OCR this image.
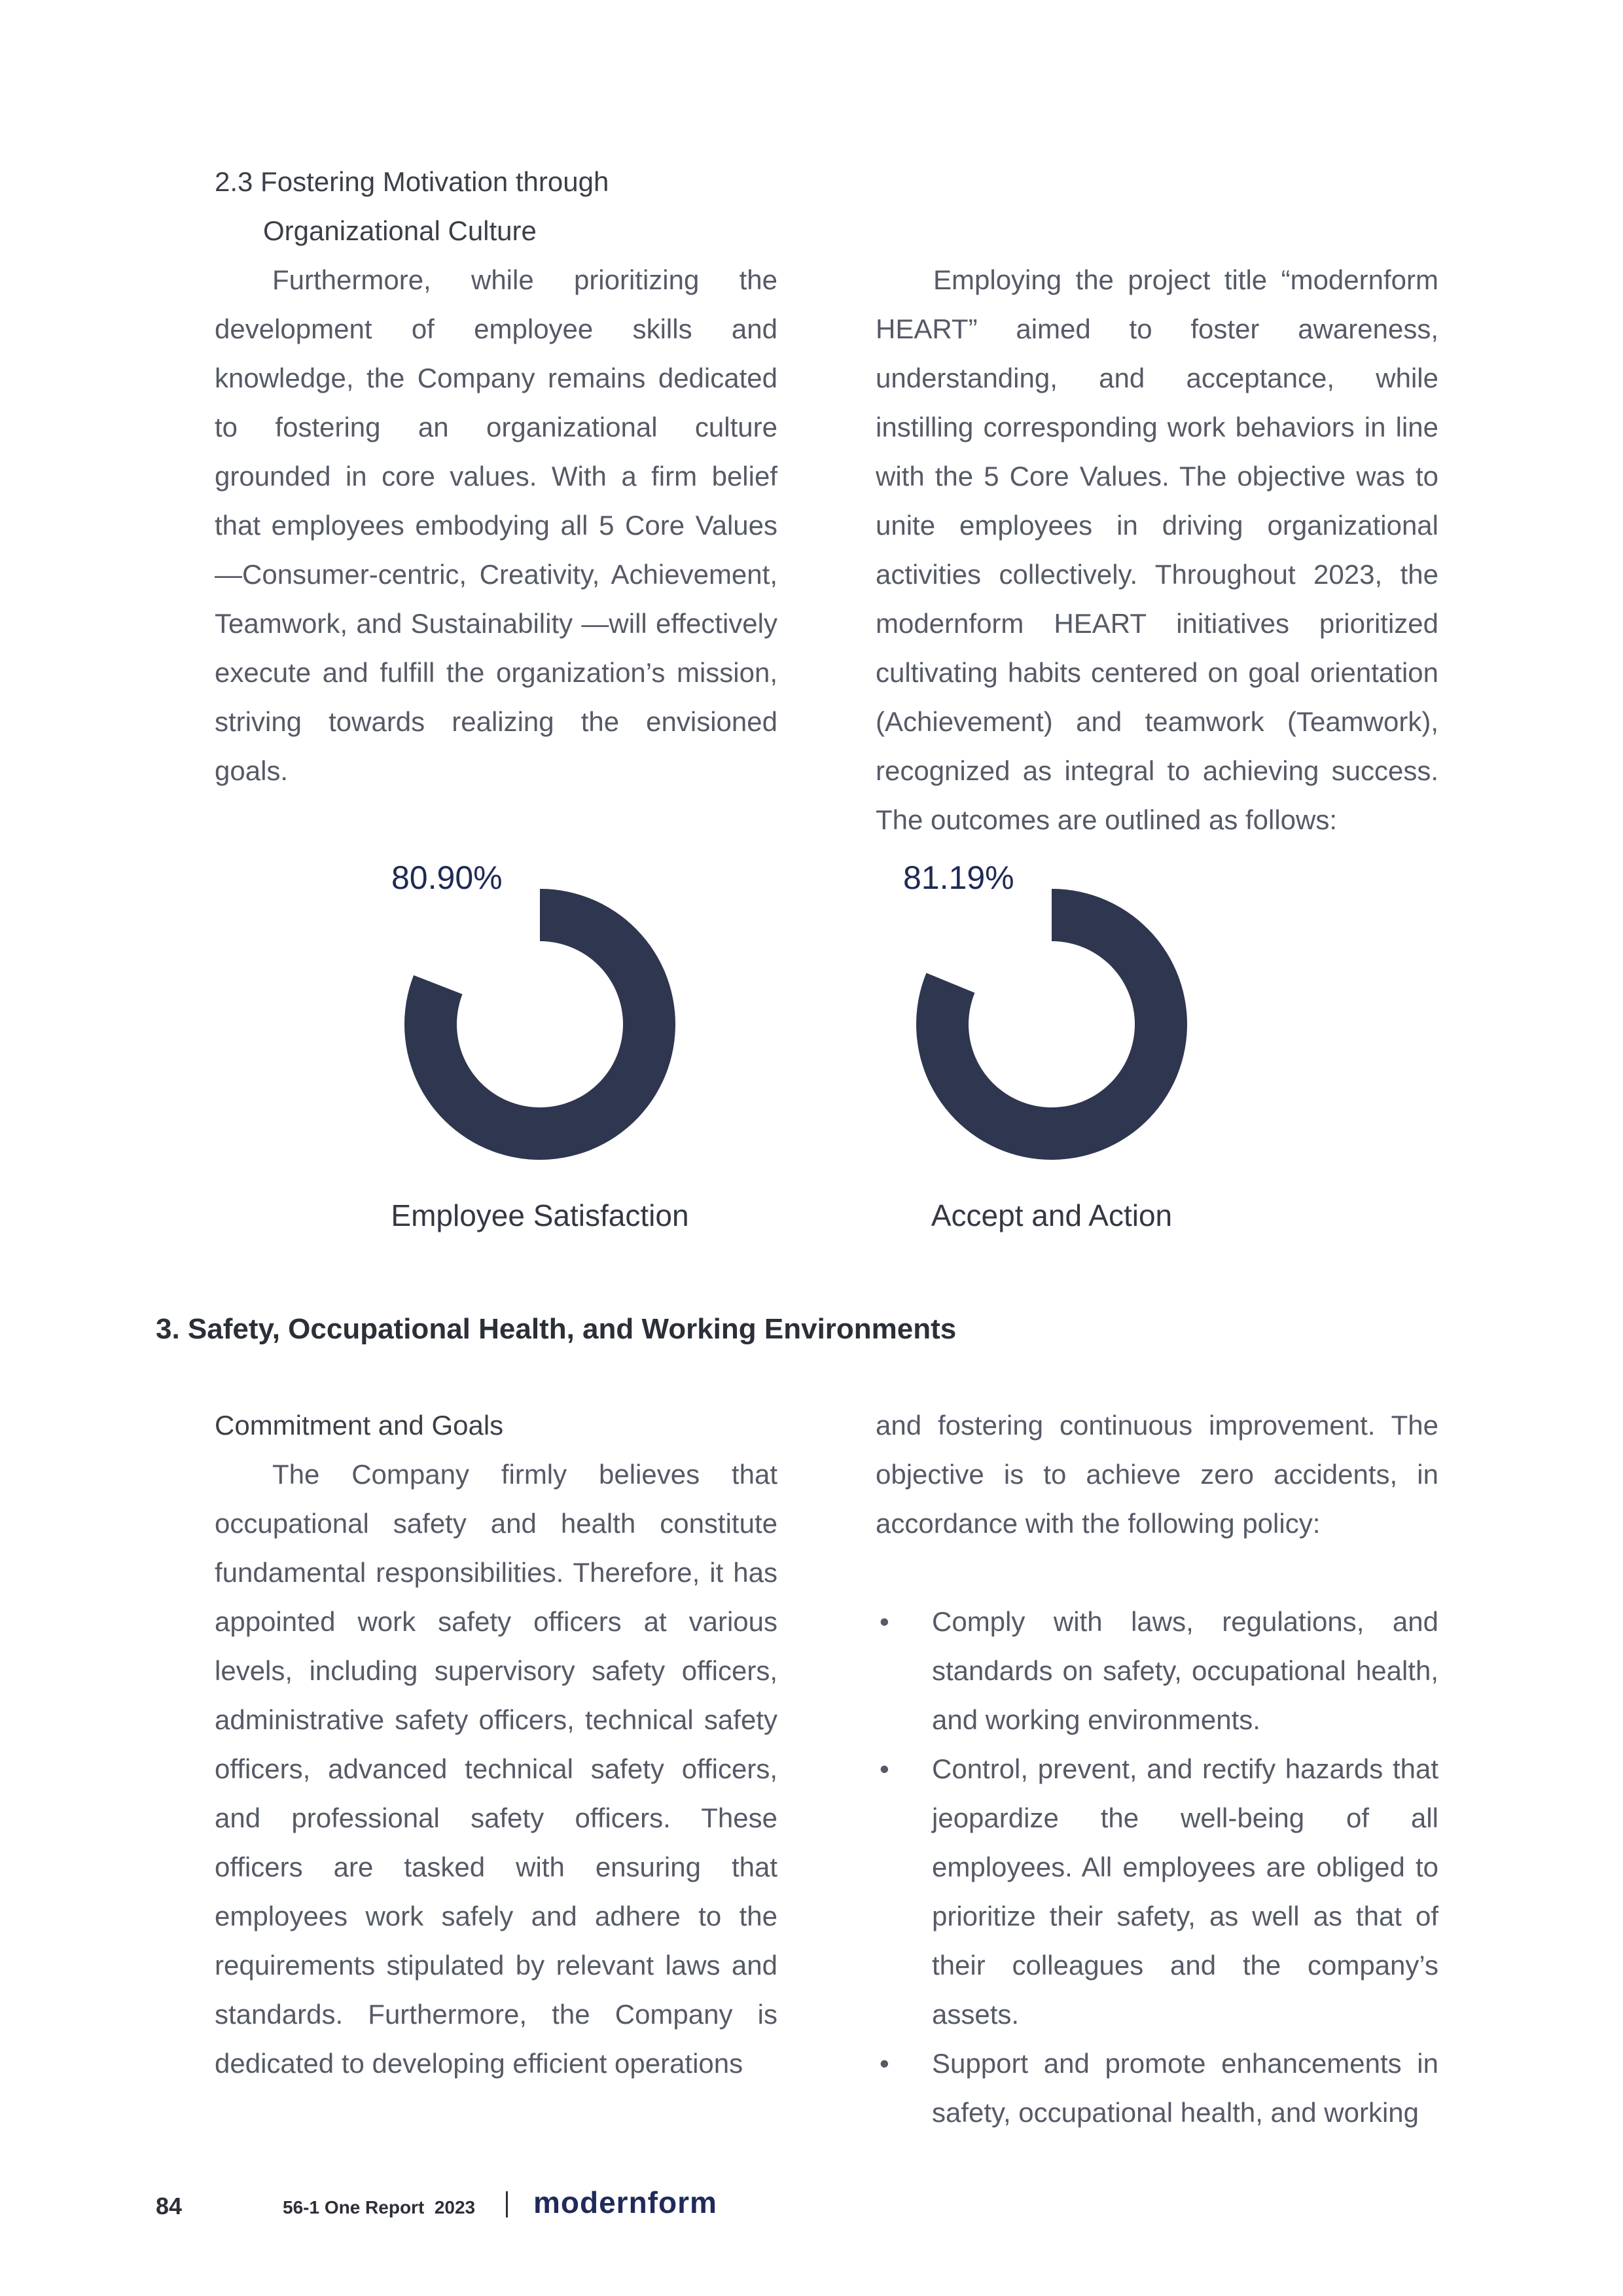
2.3 Fostering Motivation through
Organizational Culture

Furthermore, while prioritizing the development of employee skills and knowledge, the Company remains dedicated to fostering an organizational culture grounded in core values. With a firm belief that employees embodying all 5 Core Values—Consumer-centric, Creativity, Achievement, Teamwork, and Sustainability —will effectively execute and fulfill the organization’s mission, striving towards realizing the envisioned goals.

Employing the project title “modernform HEART” aimed to foster awareness, understanding, and acceptance, while instilling corresponding work behaviors in line with the 5 Core Values. The objective was to unite employees in driving organizational activities collectively. Throughout 2023, the modernform HEART initiatives prioritized cultivating habits centered on goal orientation (Achievement) and teamwork (Teamwork), recognized as integral to achieving success. The outcomes are outlined as follows:

80.90%
Employee Satisfaction
81.19%
Accept and Action
3. Safety, Occupational Health, and Working Environments
Commitment and Goals

The Company firmly believes that occupational safety and health constitute fundamental responsibilities. Therefore, it has appointed work safety officers at various levels, including supervisory safety officers, administrative safety officers, technical safety officers, advanced technical safety officers, and professional safety officers. These officers are tasked with ensuring that employees work safely and adhere to the requirements stipulated by relevant laws and standards. Furthermore, the Company is dedicated to developing efficient operations

and fostering continuous improvement. The objective is to achieve zero accidents, in accordance with the following policy:

• Comply with laws, regulations, and standards on safety, occupational health, and working environments.
• Control, prevent, and rectify hazards that jeopardize the well-being of all employees. All employees are obliged to prioritize their safety, as well as that of their colleagues and the company’s assets.
• Support and promote enhancements in safety, occupational health, and working
84	56-1 One Report  2023 modernform
